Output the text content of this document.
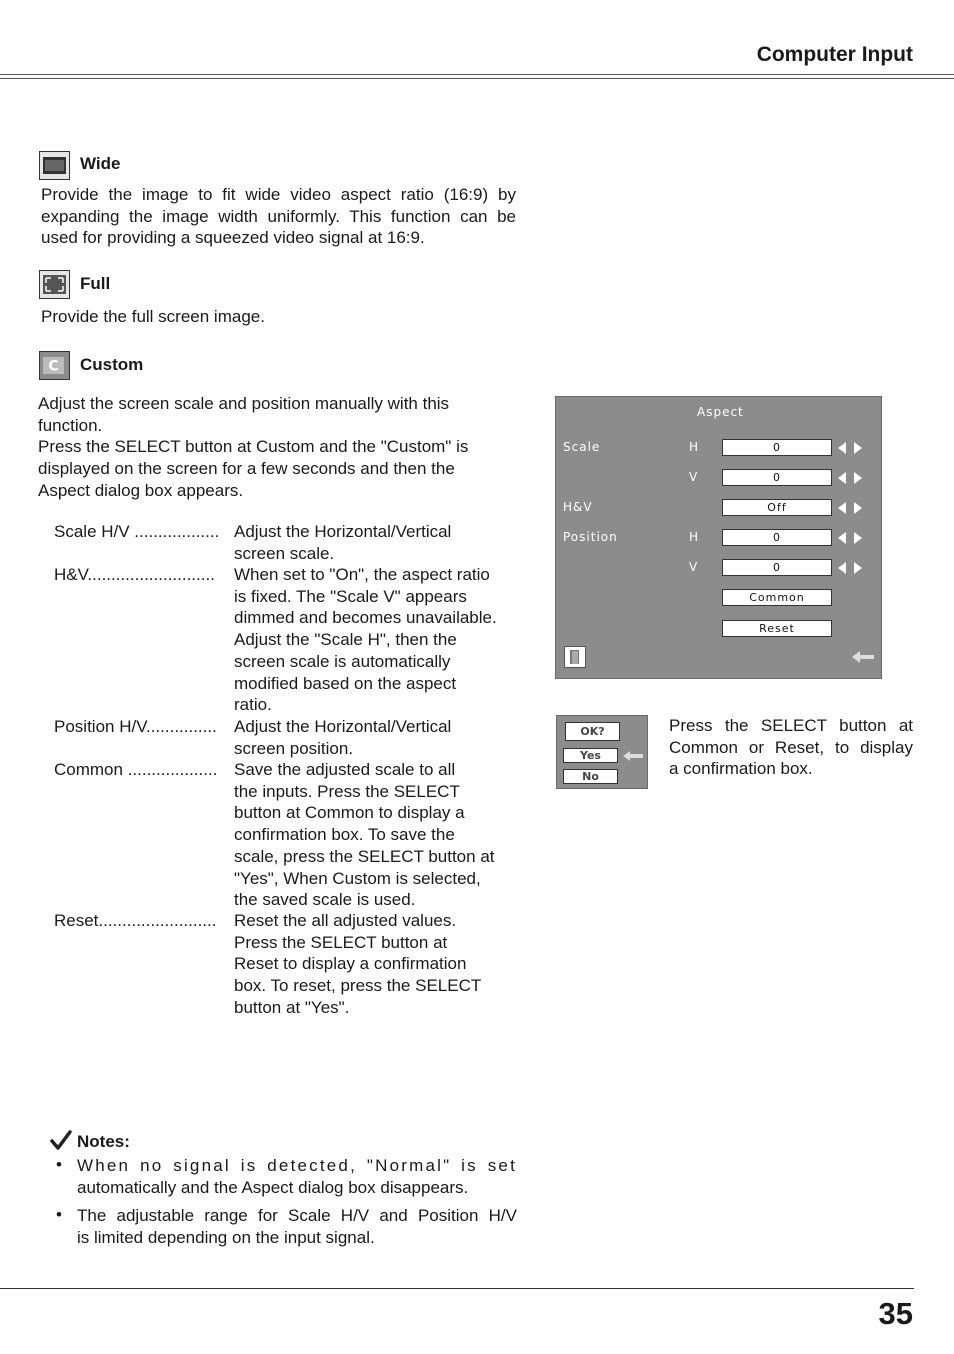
Computer Input
Wide
Provide the image to fit wide video aspect ratio (16:9) by
expanding the image width uniformly. This function can be
used for providing a squeezed video signal at 16:9.
Full
Provide the full screen image.
C Custom
Adjust the screen scale and position manually with this
function.
Press the SELECT button at Custom and the "Custom" is
displayed on the screen for a few seconds and then the
Aspect dialog box appears.
Scale H/V .................. Adjust the Horizontal/Vertical
screen scale.
H&V...........................	When set to "On", the aspect ratio
is fixed. The "Scale V" appears
dimmed and becomes unavailable.
Adjust the "Scale H", then the
screen scale is automatically
modified based on the aspect
ratio.
Position H/V...............	Adjust the Horizontal/Vertical
screen position.
Common ................... Save the adjusted scale to all
the inputs. Press the SELECT
button at Common to display a
confirmation box. To save the
scale, press the SELECT button at
"Yes", When Custom is selected,
the saved scale is used.
Reset.........................	Reset the all adjusted values.
Press the SELECT button at
Reset to display a confirmation
box. To reset, press the SELECT
button at "Yes".
Aspect
Scale	H	0
V	0
H&V	Off
Position	H	0
V	0
Common
Reset
OK?
Yes
No
Press the SELECT button at
Common or Reset, to display
a confirmation box.
Notes:
• When no signal is detected, "Normal" is set
automatically and the Aspect dialog box disappears.
• The adjustable range for Scale H/V and Position H/V
is limited depending on the input signal.
35
